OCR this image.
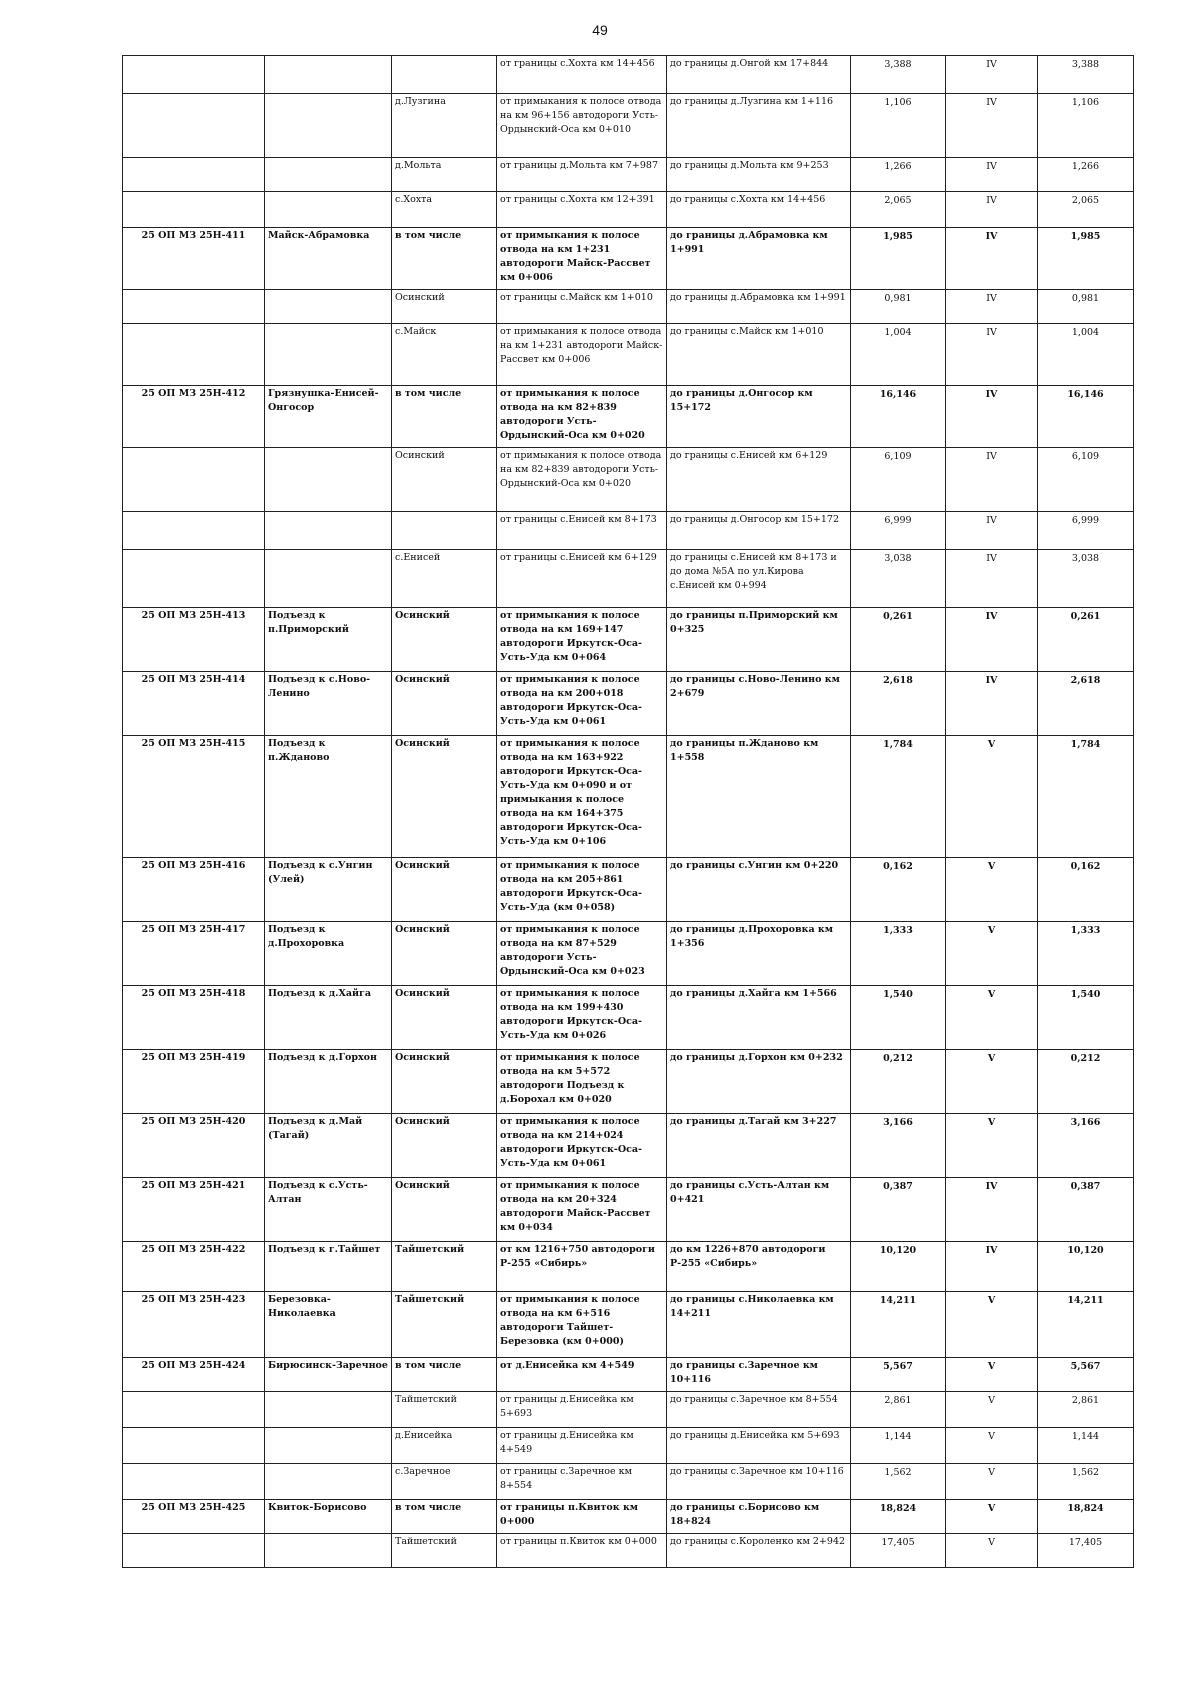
49
			от границы с.Хохта км 14+456	до границы д.Онгой км 17+844	3,388	IV	3,388
		д.Лузгина	от примыкания к полосе отвода на км 96+156 автодороги Усть-Ордынский-Оса км 0+010	до границы д.Лузгина км 1+116	1,106	IV	1,106
		д.Мольта	от границы д.Мольта км 7+987	до границы д.Мольта км 9+253	1,266	IV	1,266
		с.Хохта	от границы с.Хохта км 12+391	до границы с.Хохта км 14+456	2,065	IV	2,065
25 ОП МЗ 25Н-411	Майск-Абрамовка	в том числе	от примыкания к полосе отвода на км 1+231 автодороги Майск-Рассвет км 0+006	до границы д.Абрамовка км 1+991	1,985	IV	1,985
		Осинский	от границы с.Майск км 1+010	до границы д.Абрамовка км 1+991	0,981	IV	0,981
		с.Майск	от примыкания к полосе отвода на км 1+231 автодороги Майск-Рассвет км 0+006	до границы с.Майск км 1+010	1,004	IV	1,004
25 ОП МЗ 25Н-412	Грязнушка-Енисей-Онгосор	в том числе	от примыкания к полосе отвода на км 82+839 автодороги Усть-Ордынский-Оса км 0+020	до границы д.Онгосор км 15+172	16,146	IV	16,146
		Осинский	от примыкания к полосе отвода на км 82+839 автодороги Усть-Ордынский-Оса км 0+020	до границы с.Енисей км 6+129	6,109	IV	6,109
			от границы с.Енисей км 8+173	до границы д.Онгосор км 15+172	6,999	IV	6,999
		с.Енисей	от границы с.Енисей км 6+129	до границы с.Енисей км 8+173 и до дома №5А по ул.Кирова с.Енисей км 0+994	3,038	IV	3,038
25 ОП МЗ 25Н-413	Подъезд к п.Приморский	Осинский	от примыкания к полосе отвода на км 169+147 автодороги Иркутск-Оса-Усть-Уда км 0+064	до границы п.Приморский км 0+325	0,261	IV	0,261
25 ОП МЗ 25Н-414	Подъезд к с.Ново-Ленино	Осинский	от примыкания к полосе отвода на км 200+018 автодороги Иркутск-Оса-Усть-Уда км 0+061	до границы с.Ново-Ленино км 2+679	2,618	IV	2,618
25 ОП МЗ 25Н-415	Подъезд к п.Жданово	Осинский	от примыкания к полосе отвода на км 163+922 автодороги Иркутск-Оса-Усть-Уда км 0+090 и от примыкания к полосе отвода на км 164+375 автодороги Иркутск-Оса-Усть-Уда км 0+106	до границы п.Жданово км 1+558	1,784	V	1,784
25 ОП МЗ 25Н-416	Подъезд к с.Унгин (Улей)	Осинский	от примыкания к полосе отвода на км 205+861 автодороги Иркутск-Оса-Усть-Уда (км 0+058)	до границы с.Унгин км 0+220	0,162	V	0,162
25 ОП МЗ 25Н-417	Подъезд к д.Прохоровка	Осинский	от примыкания к полосе отвода на км 87+529 автодороги Усть-Ордынский-Оса км 0+023	до границы д.Прохоровка км 1+356	1,333	V	1,333
25 ОП МЗ 25Н-418	Подъезд к д.Хайга	Осинский	от примыкания к полосе отвода на км 199+430 автодороги Иркутск-Оса-Усть-Уда км 0+026	до границы д.Хайга км 1+566	1,540	V	1,540
25 ОП МЗ 25Н-419	Подъезд к д.Горхон	Осинский	от примыкания к полосе отвода на км 5+572 автодороги Подъезд к д.Борохал км 0+020	до границы д.Горхон км 0+232	0,212	V	0,212
25 ОП МЗ 25Н-420	Подъезд к д.Май (Тагай)	Осинский	от примыкания к полосе отвода на км 214+024 автодороги Иркутск-Оса-Усть-Уда км 0+061	до границы д.Тагай км 3+227	3,166	V	3,166
25 ОП МЗ 25Н-421	Подъезд к с.Усть-Алтан	Осинский	от примыкания к полосе отвода на км 20+324 автодороги Майск-Рассвет км 0+034	до границы с.Усть-Алтан км 0+421	0,387	IV	0,387
25 ОП МЗ 25Н-422	Подъезд к г.Тайшет	Тайшетский	от км 1216+750 автодороги Р-255 «Сибирь»	до км 1226+870 автодороги Р-255 «Сибирь»	10,120	IV	10,120
25 ОП МЗ 25Н-423	Березовка-Николаевка	Тайшетский	от примыкания к полосе отвода на км 6+516 автодороги Тайшет-Березовка (км 0+000)	до границы с.Николаевка км 14+211	14,211	V	14,211
25 ОП МЗ 25Н-424	Бирюсинск-Заречное	в том числе	от д.Енисейка км 4+549	до границы с.Заречное км 10+116	5,567	V	5,567
		Тайшетский	от границы д.Енисейка км 5+693	до границы с.Заречное км 8+554	2,861	V	2,861
		д.Енисейка	от границы д.Енисейка км 4+549	до границы д.Енисейка км 5+693	1,144	V	1,144
		с.Заречное	от границы с.Заречное км 8+554	до границы с.Заречное км 10+116	1,562	V	1,562
25 ОП МЗ 25Н-425	Квиток-Борисово	в том числе	от границы п.Квиток км 0+000	до границы с.Борисово км 18+824	18,824	V	18,824
		Тайшетский	от границы п.Квиток км 0+000	до границы с.Короленко км 2+942	17,405	V	17,405
